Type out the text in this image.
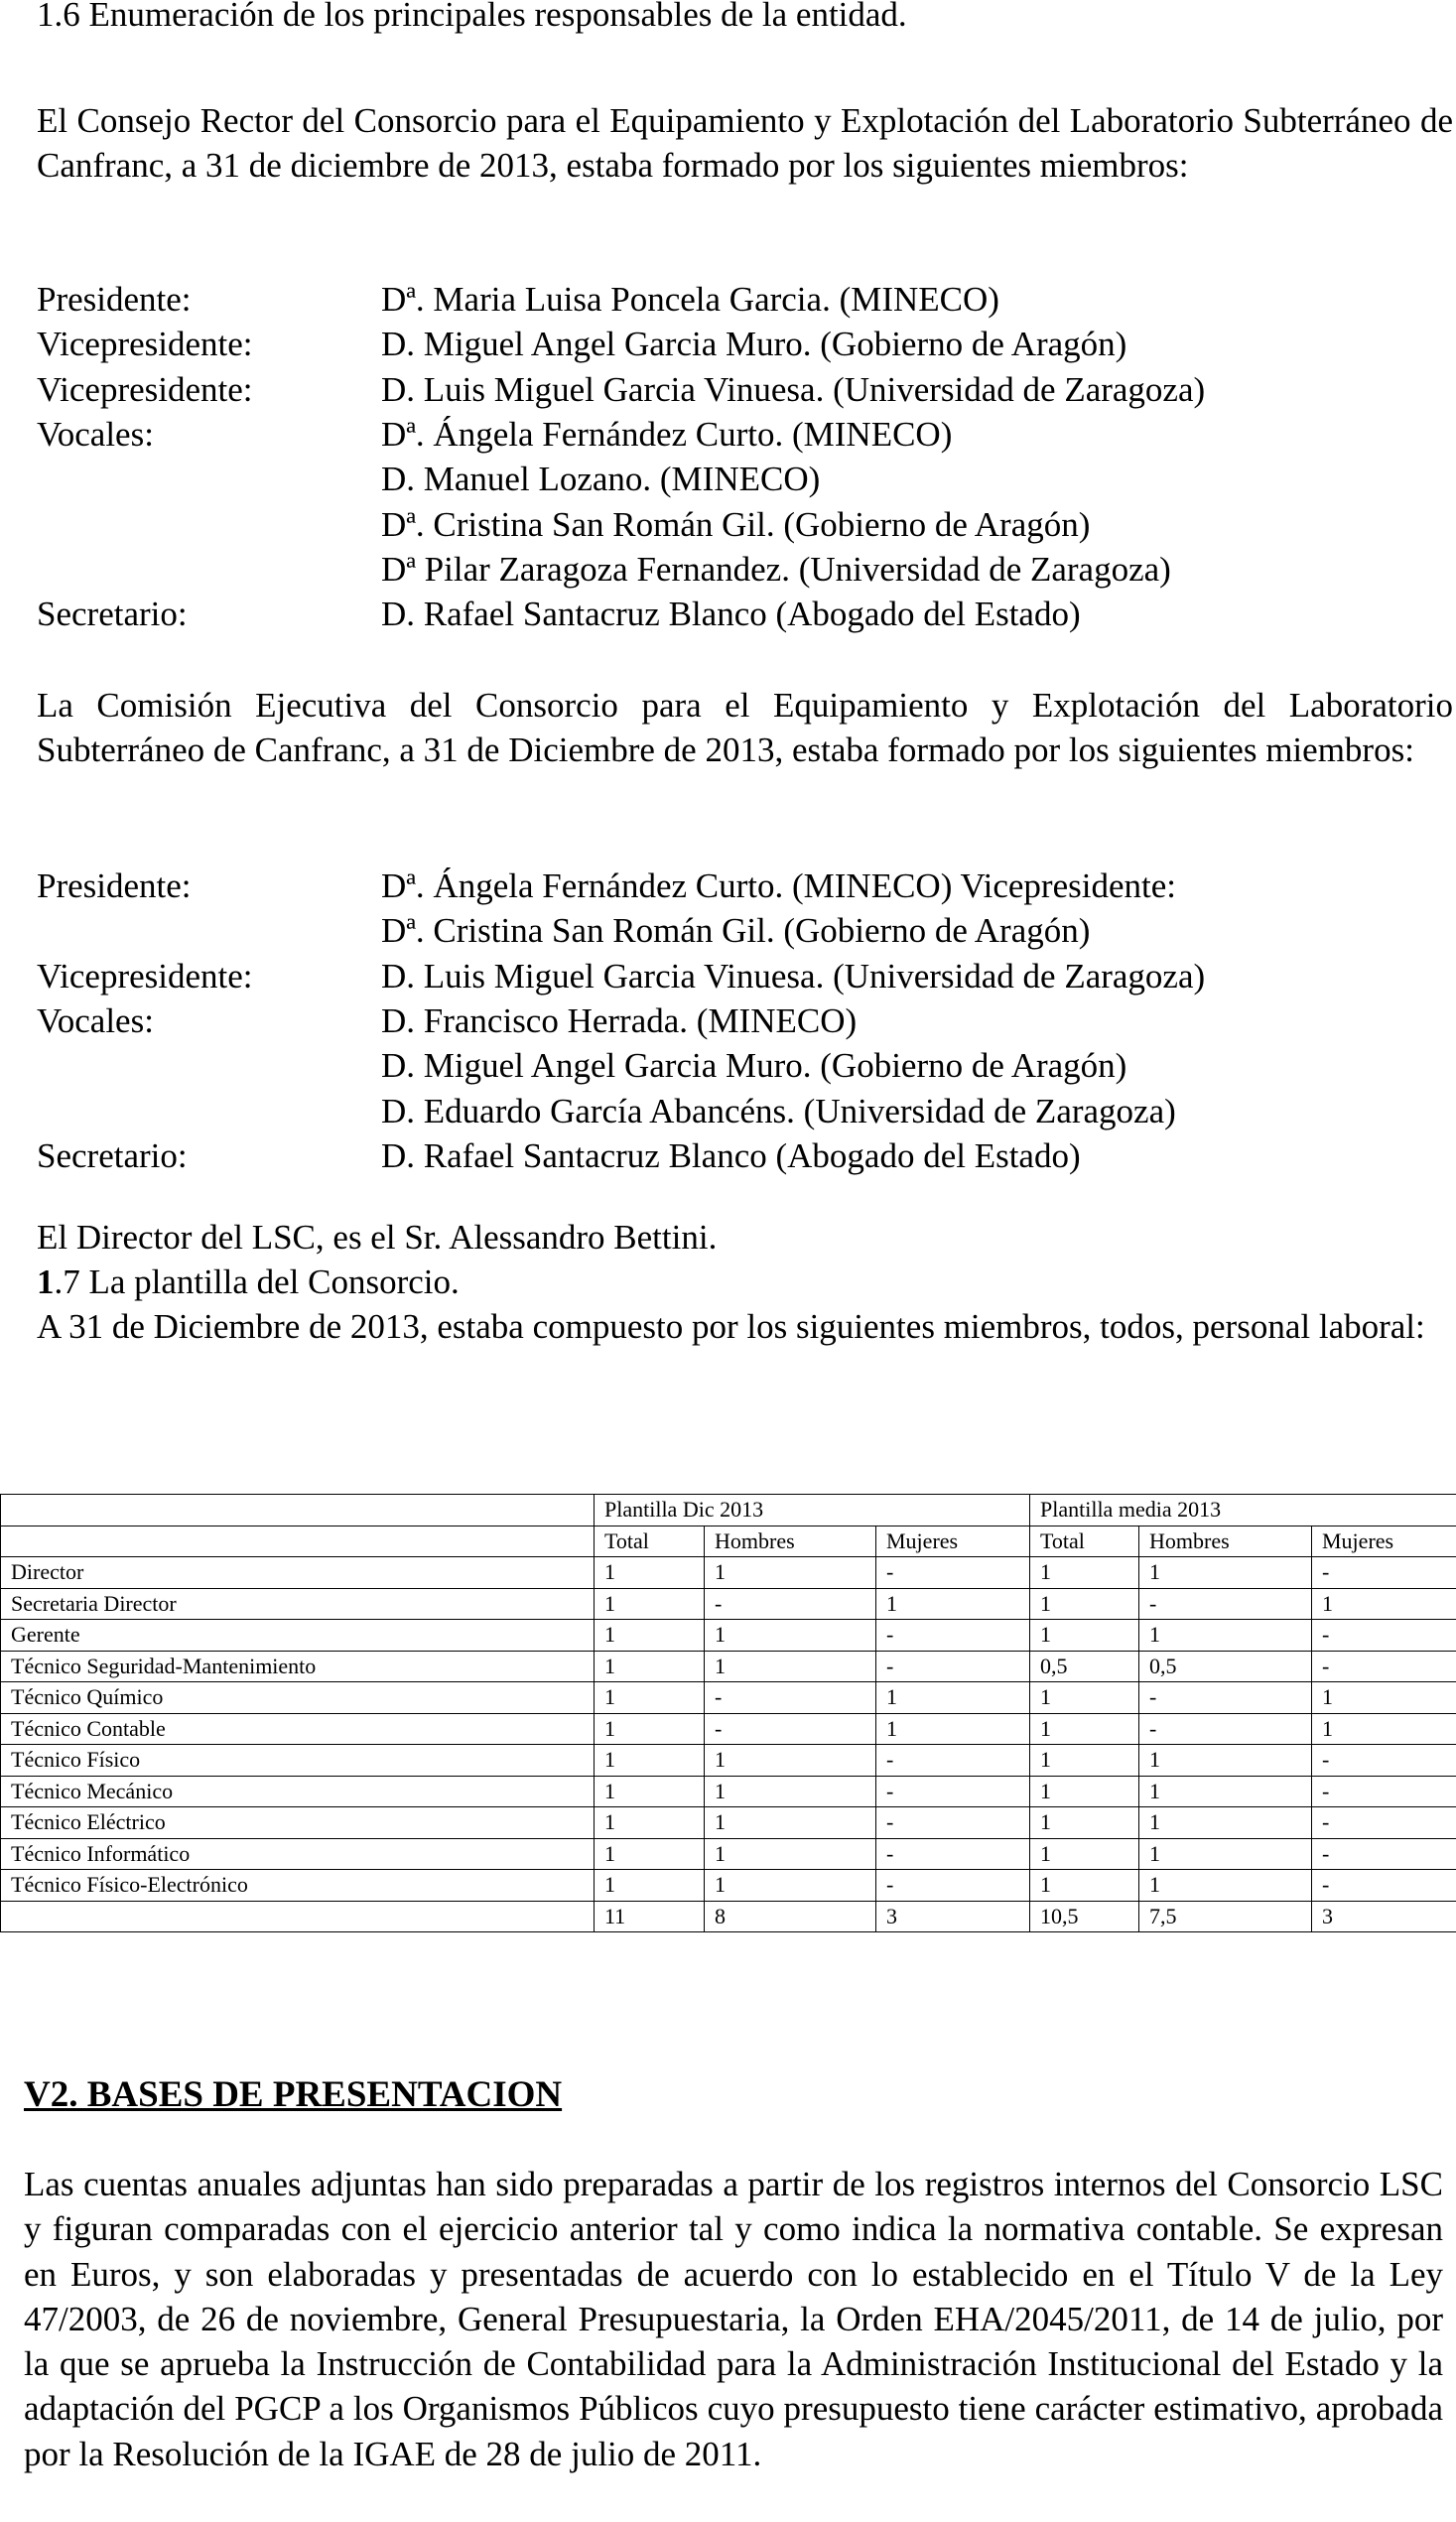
1.6 Enumeración de los principales responsables de la entidad.

El Consejo Rector del Consorcio para el Equipamiento y Explotación del Laboratorio Subterráneo de Canfranc, a 31 de diciembre de 2013, estaba formado por los siguientes miembros:

Presidente:	Dª. Maria Luisa Poncela Garcia. (MINECO)
Vicepresidente:	D. Miguel Angel Garcia Muro. (Gobierno de Aragón)
Vicepresidente:	D. Luis Miguel Garcia Vinuesa. (Universidad de Zaragoza)
Vocales:	Dª. Ángela Fernández Curto. (MINECO)
D. Manuel Lozano. (MINECO)
Dª. Cristina San Román Gil. (Gobierno de Aragón)
Dª Pilar Zaragoza Fernandez. (Universidad de Zaragoza)
Secretario:	D. Rafael Santacruz Blanco (Abogado del Estado)

La Comisión Ejecutiva del Consorcio para el Equipamiento y Explotación del Laboratorio Subterráneo de Canfranc, a 31 de Diciembre de 2013, estaba formado por los siguientes miembros:

Presidente:	Dª. Ángela Fernández Curto. (MINECO) Vicepresidente:
Dª. Cristina San Román Gil. (Gobierno de Aragón)
Vicepresidente:	D. Luis Miguel Garcia Vinuesa. (Universidad de Zaragoza)
Vocales:	D. Francisco Herrada. (MINECO)
D. Miguel Angel Garcia Muro. (Gobierno de Aragón)
D. Eduardo García Abancéns. (Universidad de Zaragoza)
Secretario:	D. Rafael Santacruz Blanco (Abogado del Estado)

El Director del LSC, es el Sr. Alessandro Bettini.

1.7 La plantilla del Consorcio.

A 31 de Diciembre de 2013, estaba compuesto por los siguientes miembros, todos, personal laboral:

	Plantilla Dic 2013			Plantilla media 2013		
	Total	Hombres	Mujeres	Total	Hombres	Mujeres
Director	1	1	-	1	1	-
Secretaria Director	1	-	1	1	-	1
Gerente	1	1	-	1	1	-
Técnico Seguridad-Mantenimiento	1	1	-	0,5	0,5	-
Técnico Químico	1	-	1	1	-	1
Técnico Contable	1	-	1	1	-	1
Técnico Físico	1	1	-	1	1	-
Técnico Mecánico	1	1	-	1	1	-
Técnico Eléctrico	1	1	-	1	1	-
Técnico Informático	1	1	-	1	1	-
Técnico Físico-Electrónico	1	1	-	1	1	-
	11	8	3	10,5	7,5	3
V2. BASES DE PRESENTACION

Las cuentas anuales adjuntas han sido preparadas a partir de los registros internos del Consorcio LSC y figuran comparadas con el ejercicio anterior tal y como indica la normativa contable. Se expresan en Euros, y son elaboradas y presentadas de acuerdo con lo establecido en el Título V de la Ley 47/2003, de 26 de noviembre, General Presupuestaria, la Orden EHA/2045/2011, de 14 de julio, por la que se aprueba la Instrucción de Contabilidad para la Administración Institucional del Estado y la adaptación del PGCP a los Organismos Públicos cuyo presupuesto tiene carácter estimativo, aprobada por la Resolución de la IGAE de 28 de julio de 2011.
